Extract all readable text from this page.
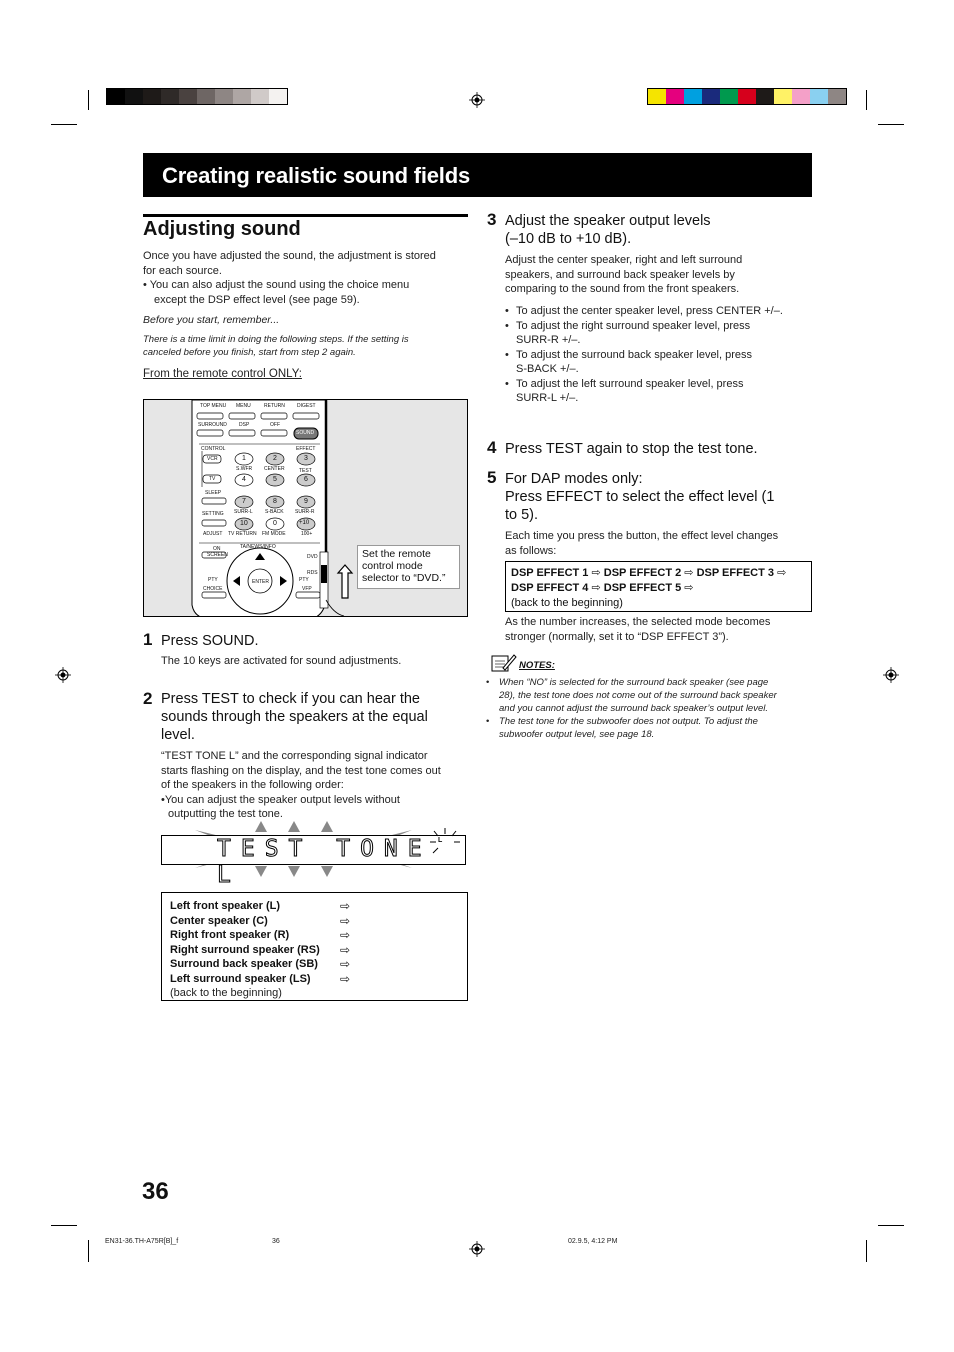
Creating realistic sound fields
Adjusting sound
Once you have adjusted the sound, the adjustment is stored
for each source.
• You can also adjust the sound using the choice menu
except the DSP effect level (see page 59).
Before you start, remember...
There is a time limit in doing the following steps. If the setting is
canceled before you finish, start from step 2 again.
From the remote control ONLY:
TOP MENU MENU	RETURN DIGEST
SURROUND DSP	OFF
SOUND
CONTROL	EFFECT
VCR
TV
1	2	3
S.WFR CENTER	TEST
4	5	6
SLEEP
7	8	9
SETTING SURR-L S-BACK SURR-R
10	0	+10
ADJUST TV RETURN FM MODE	100+
TA/NEWS/INFO
ON
SCREEN	DVD
RDS
PTY	PTY
ENTER
CHOICE	VFP
Set the remote
control mode
selector to “DVD.”
1 Press SOUND.
The 10 keys are activated for sound adjustments.
2 Press TEST to check if you can hear the
sounds through the speakers at the equal
level.
“TEST TONE L” and the corresponding signal indicator
starts flashing on the display, and the test tone comes out
of the speakers in the following order:
•You can adjust the speaker output levels without
outputting the test tone.
TEST TONE L
L
Left front speaker (L)	⇨
Center speaker (C)	⇨
Right front speaker (R)	⇨
Right surround speaker (RS)	⇨
Surround back speaker (SB)	⇨
Left surround speaker (LS)	⇨
(back to the beginning)
3 Adjust the speaker output levels
(–10 dB to +10 dB).
Adjust the center speaker, right and left surround
speakers, and surround back speaker levels by
comparing to the sound from the front speakers.
• To adjust the center speaker level, press CENTER +/–.
• To adjust the right surround speaker level, press
SURR-R +/–.
• To adjust the surround back speaker level, press
S-BACK +/–.
• To adjust the left surround speaker level, press
SURR-L +/–.
4 Press TEST again to stop the test tone.
5 For DAP modes only:
Press EFFECT to select the effect level (1
to 5).
Each time you press the button, the effect level changes
as follows:
DSP EFFECT 1 ⇨ DSP EFFECT 2 ⇨ DSP EFFECT 3 ⇨
DSP EFFECT 4 ⇨ DSP EFFECT 5 ⇨
(back to the beginning)
As the number increases, the selected mode becomes
stronger (normally, set it to “DSP EFFECT 3”).
NOTES:
• When “NO” is selected for the surround back speaker (see page
28), the test tone does not come out of the surround back speaker
and you cannot adjust the surround back speaker’s output level.
• The test tone for the subwoofer does not output. To adjust the
subwoofer output level, see page 18.
36
EN31-36.TH-A75R[B]_f	36	02.9.5, 4:12 PM
